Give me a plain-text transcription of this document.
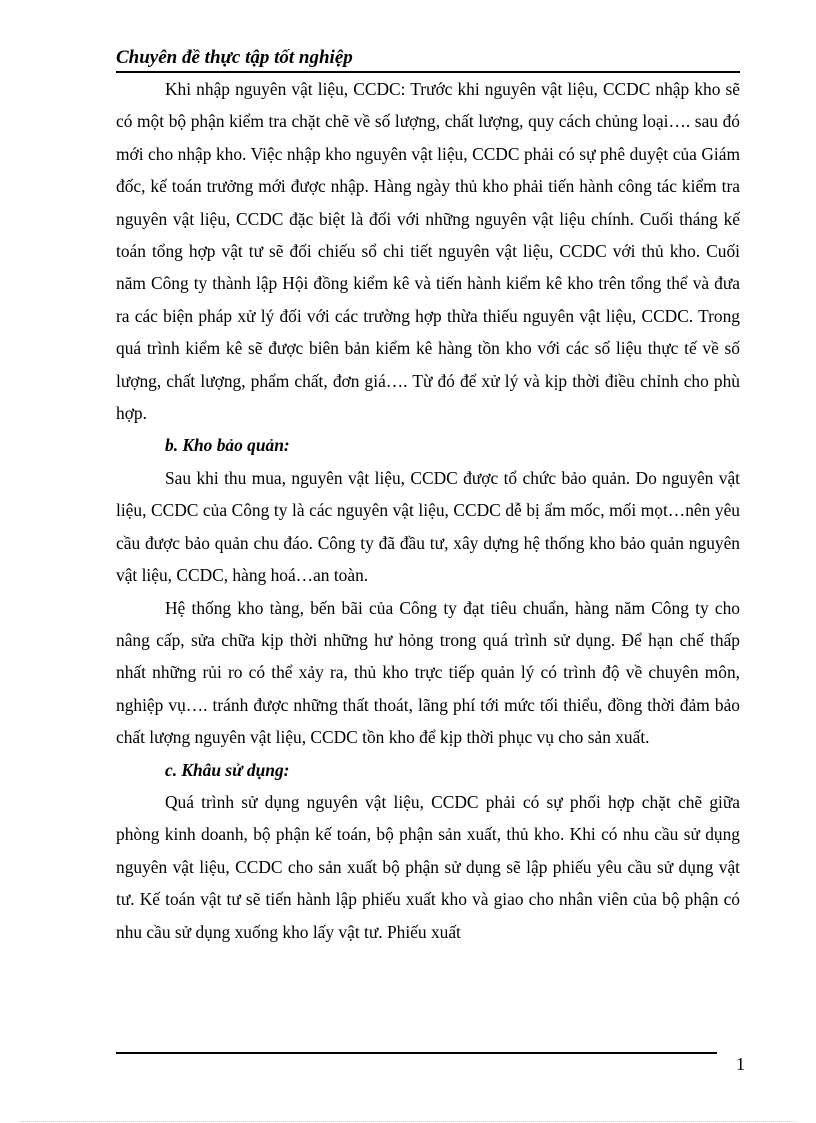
Chuyên đề thực tập tốt nghiệp

Khi nhập nguyên vật liệu, CCDC: Trước khi nguyên vật liệu, CCDC nhập kho sẽ có một bộ phận kiểm tra chặt chẽ về số lượng, chất lượng, quy cách chủng loại…. sau đó mới cho nhập kho. Việc nhập kho nguyên vật liệu, CCDC phải có sự phê duyệt của Giám đốc, kế toán trưởng mới được nhập. Hàng ngày thủ kho phải tiến hành công tác kiểm tra nguyên vật liệu, CCDC đặc biệt là đối với những nguyên vật liệu chính. Cuối tháng kế toán tổng hợp vật tư sẽ đối chiếu sổ chi tiết nguyên vật liệu, CCDC với thủ kho. Cuối năm Công ty thành lập Hội đồng kiểm kê và tiến hành kiểm kê kho trên tổng thể và đưa ra các biện pháp xử lý đối với các trường hợp thừa thiếu nguyên vật liệu, CCDC. Trong quá trình kiểm kê sẽ được biên bản kiểm kê hàng tồn kho với các số liệu thực tế về số lượng, chất lượng, phẩm chất, đơn giá…. Từ đó để xử lý và kịp thời điều chỉnh cho phù hợp.

b. Kho bảo quản:

Sau khi thu mua, nguyên vật liệu, CCDC được tổ chức bảo quản. Do nguyên vật liệu, CCDC của Công ty là các nguyên vật liệu, CCDC dễ bị ẩm mốc, mối mọt…nên yêu cầu được bảo quản chu đáo. Công ty đã đầu tư, xây dựng hệ thống kho bảo quản nguyên vật liệu, CCDC, hàng hoá…an toàn.

Hệ thống kho tàng, bến bãi của Công ty đạt tiêu chuẩn, hàng năm Công ty cho nâng cấp, sửa chữa kịp thời những hư hỏng trong quá trình sử dụng. Để hạn chế thấp nhất những rủi ro có thể xảy ra, thủ kho trực tiếp quản lý có trình độ về chuyên môn, nghiệp vụ…. tránh được những thất thoát, lãng phí tới mức tối thiểu, đồng thời đảm bảo chất lượng nguyên vật liệu, CCDC tồn kho để kịp thời phục vụ cho sản xuất.

c. Khâu sử dụng:

Quá trình sử dụng nguyên vật liệu, CCDC phải có sự phối hợp chặt chẽ giữa phòng kinh doanh, bộ phận kế toán, bộ phận sản xuất, thủ kho. Khi có nhu cầu sử dụng nguyên vật liệu, CCDC cho sản xuất bộ phận sử dụng sẽ lập phiếu yêu cầu sử dụng vật tư. Kế toán vật tư sẽ tiến hành lập phiếu xuất kho và giao cho nhân viên của bộ phận có nhu cầu sử dụng xuống kho lấy vật tư. Phiếu xuất

1
